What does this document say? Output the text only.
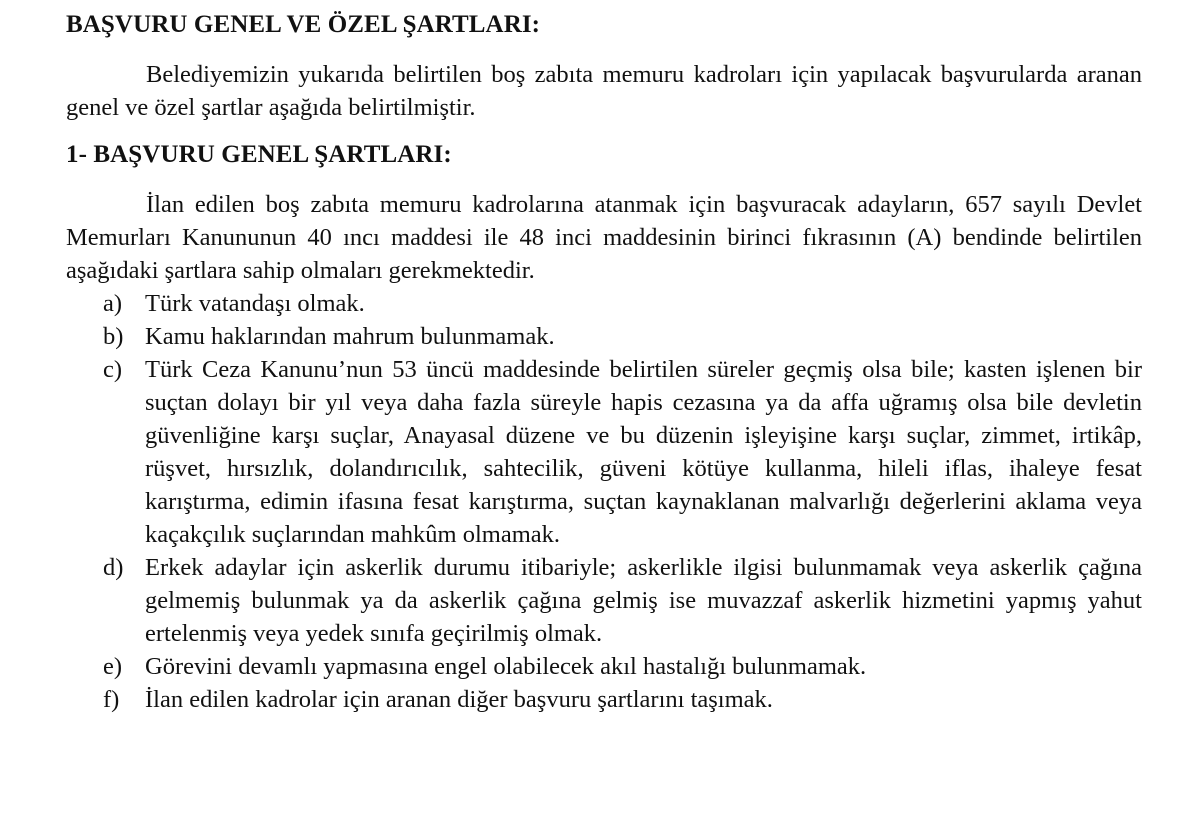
BAŞVURU GENEL VE ÖZEL ŞARTLARI:

Belediyemizin yukarıda belirtilen boş zabıta memuru kadroları için yapılacak başvurularda aranan genel ve özel şartlar aşağıda belirtilmiştir.

1- BAŞVURU GENEL ŞARTLARI:

İlan edilen boş zabıta memuru kadrolarına atanmak için başvuracak adayların, 657 sayılı Devlet Memurları Kanununun 40 ıncı maddesi ile 48 inci maddesinin birinci fıkrasının (A) bendinde belirtilen aşağıdaki şartlara sahip olmaları gerekmektedir.

a) Türk vatandaşı olmak.
b) Kamu haklarından mahrum bulunmamak.
c) Türk Ceza Kanunu’nun 53 üncü maddesinde belirtilen süreler geçmiş olsa bile; kasten işlenen bir suçtan dolayı bir yıl veya daha fazla süreyle hapis cezasına ya da affa uğramış olsa bile devletin güvenliğine karşı suçlar, Anayasal düzene ve bu düzenin işleyişine karşı suçlar, zimmet, irtikâp, rüşvet, hırsızlık, dolandırıcılık, sahtecilik, güveni kötüye kullanma, hileli iflas, ihaleye fesat karıştırma, edimin ifasına fesat karıştırma, suçtan kaynaklanan malvarlığı değerlerini aklama veya kaçakçılık suçlarından mahkûm olmamak.
d) Erkek adaylar için askerlik durumu itibariyle; askerlikle ilgisi bulunmamak veya askerlik çağına gelmemiş bulunmak ya da askerlik çağına gelmiş ise muvazzaf askerlik hizmetini yapmış yahut ertelenmiş veya yedek sınıfa geçirilmiş olmak.
e) Görevini devamlı yapmasına engel olabilecek akıl hastalığı bulunmamak.
f) İlan edilen kadrolar için aranan diğer başvuru şartlarını taşımak.
